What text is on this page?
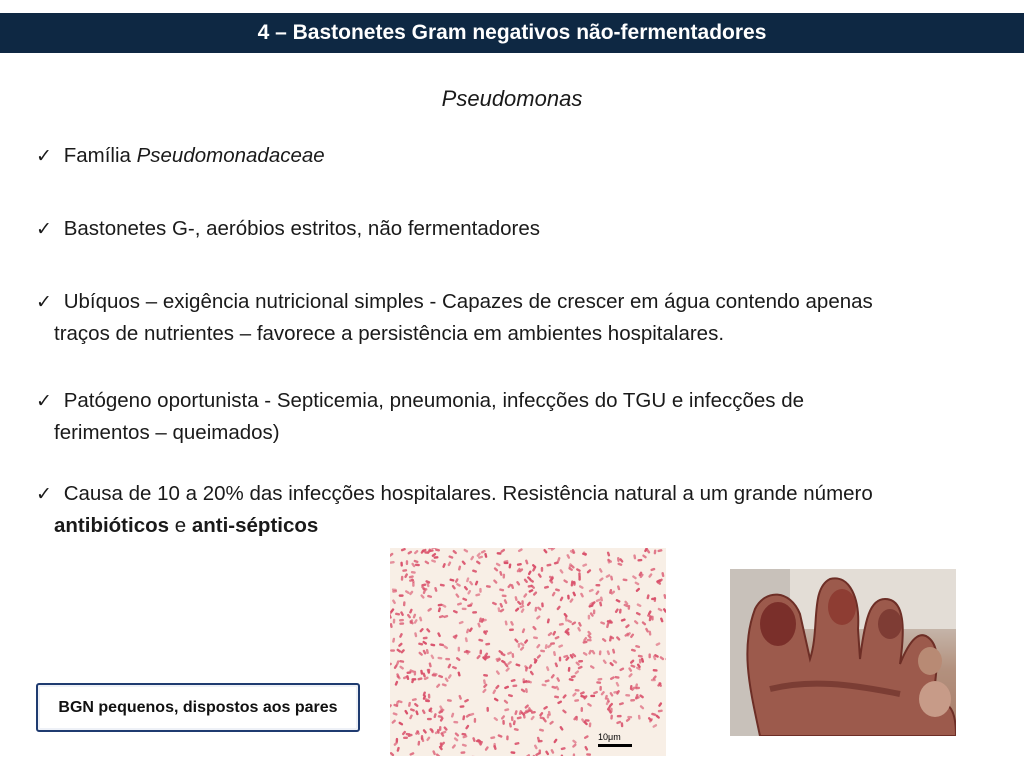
4 – Bastonetes Gram negativos não-fermentadores
Pseudomonas
✓ Família Pseudomonadaceae
✓ Bastonetes G-, aeróbios estritos, não fermentadores
✓ Ubíquos – exigência nutricional simples - Capazes de crescer em água contendo apenas
traços de nutrientes – favorece a persistência em ambientes hospitalares.
✓ Patógeno oportunista - Septicemia, pneumonia, infecções do TGU e infecções de
ferimentos – queimados)
✓ Causa de 10 a 20% das infecções hospitalares. Resistência natural a um grande número
antibióticos e anti-sépticos
10μm
BGN pequenos, dispostos aos pares
